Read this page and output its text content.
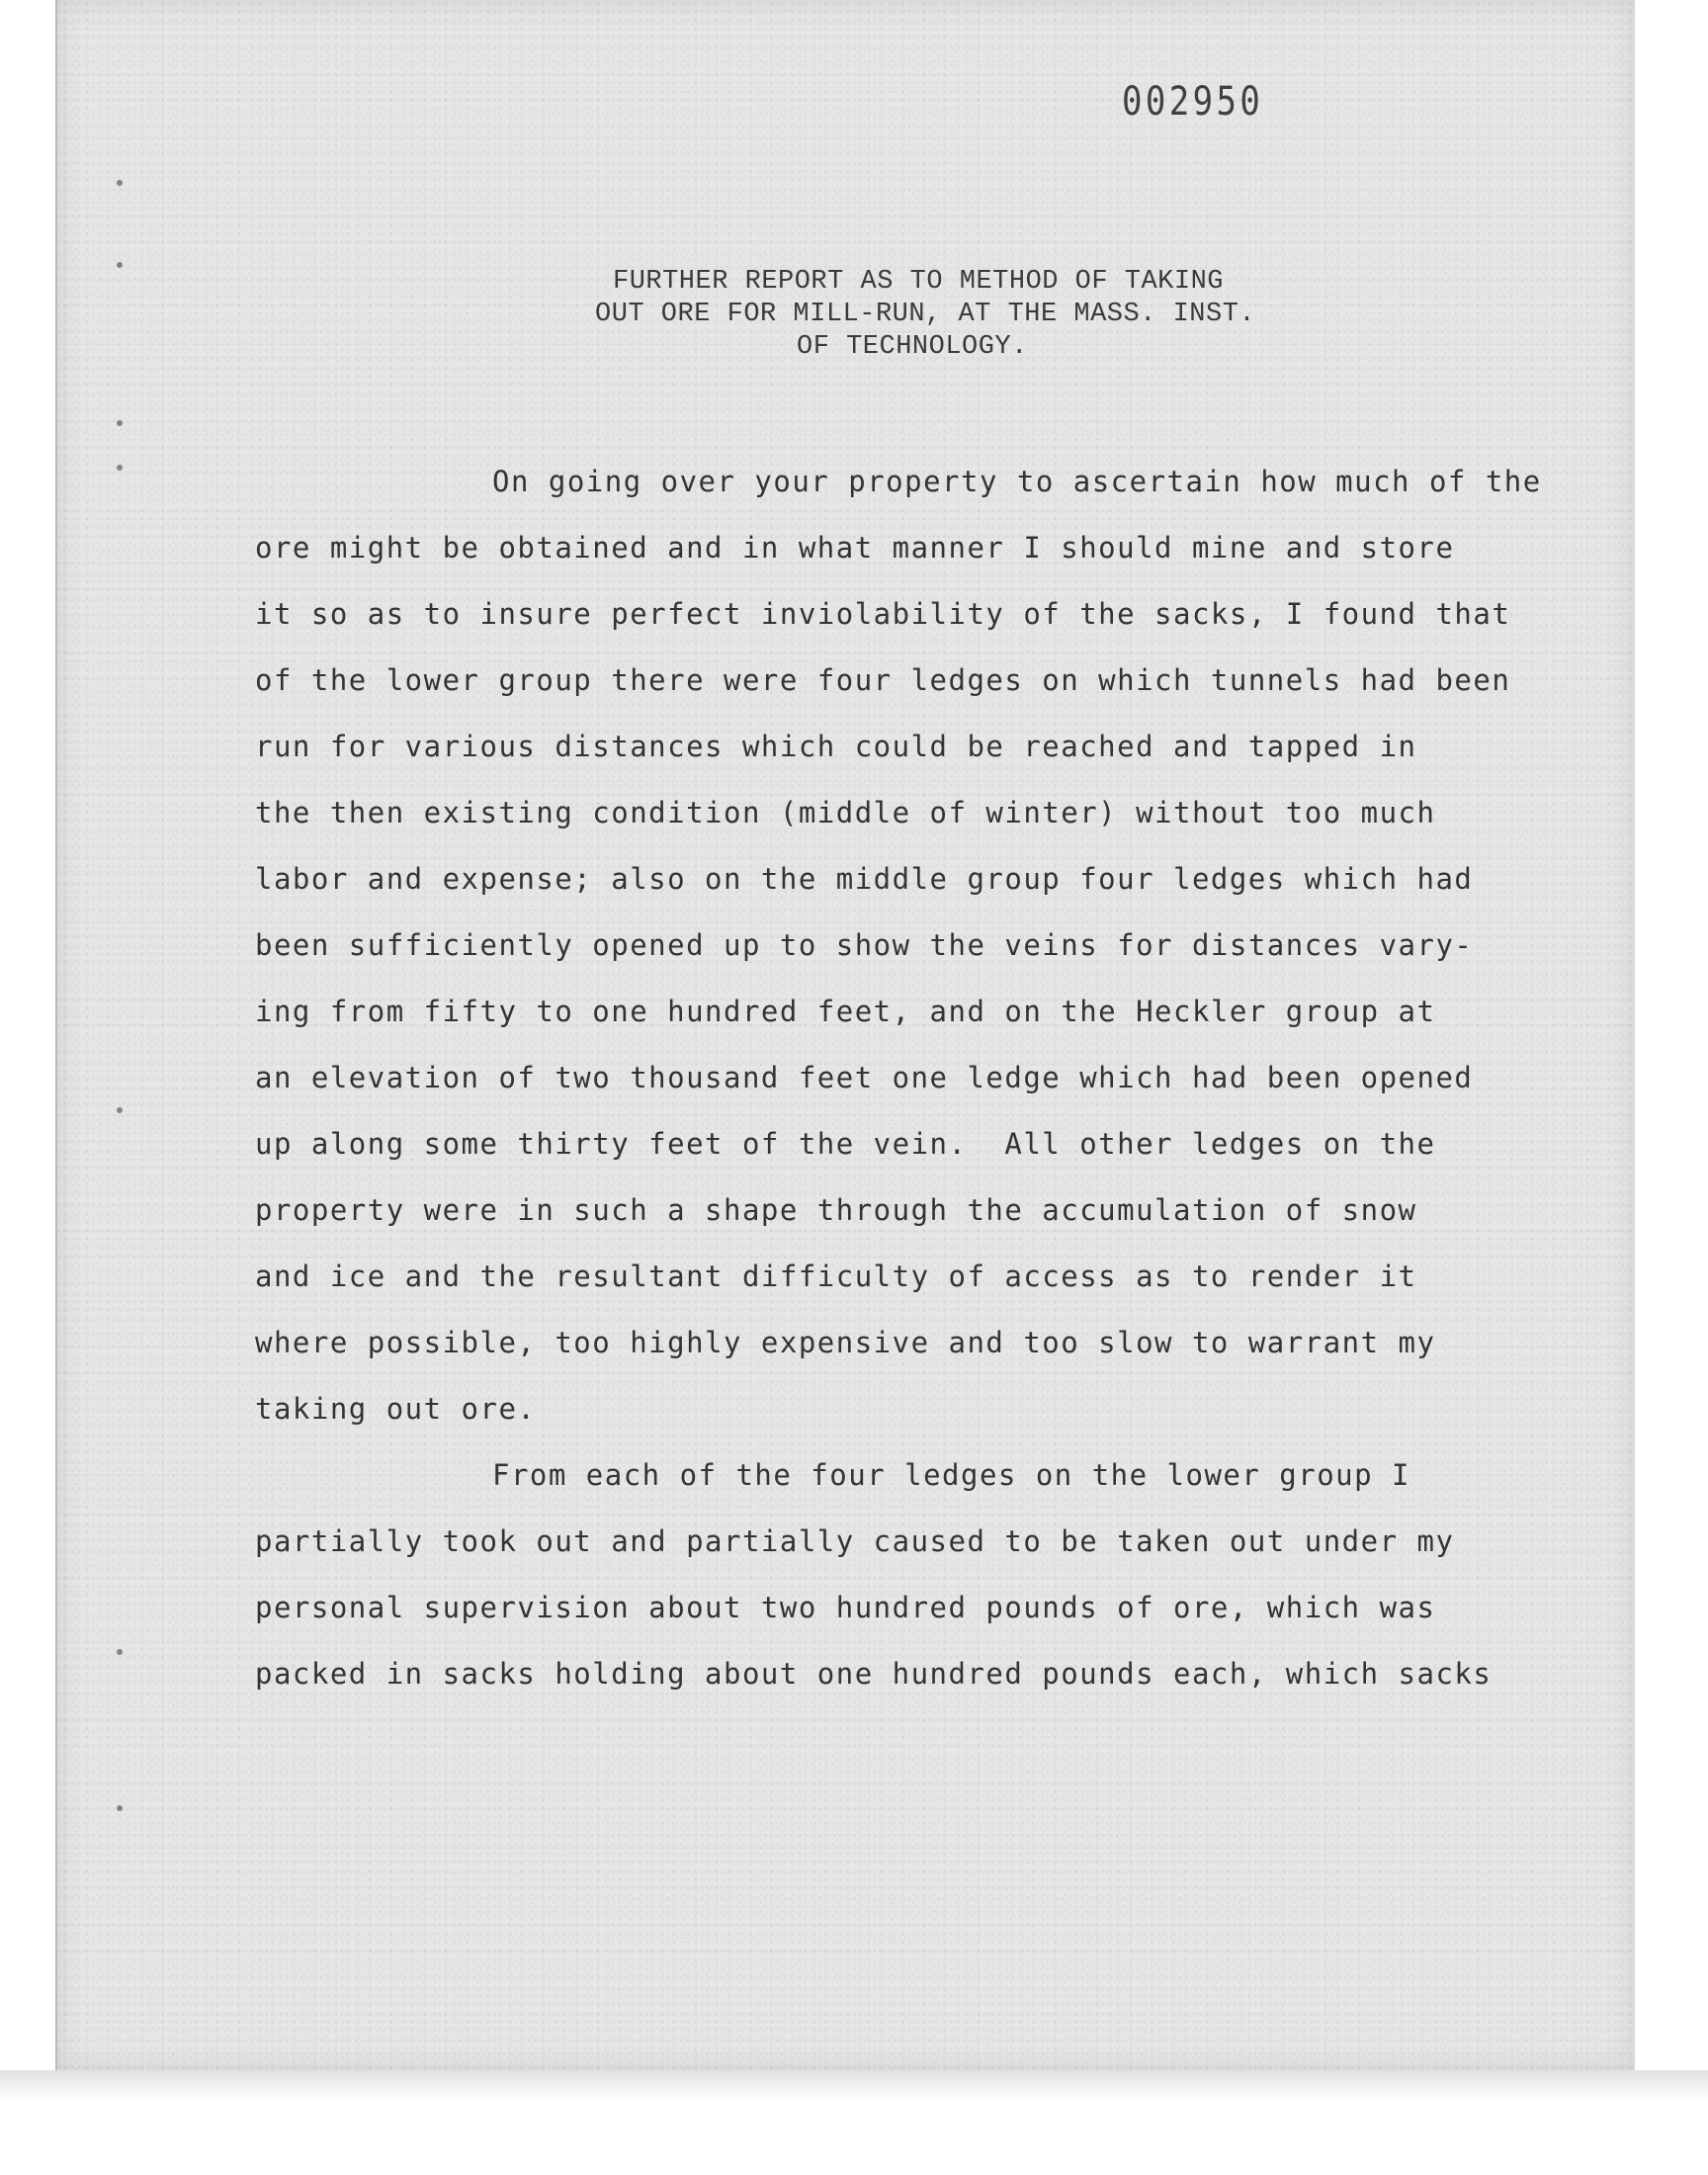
002950
FURTHER REPORT AS TO METHOD OF TAKING
OUT ORE FOR MILL-RUN, AT THE MASS. INST.
OF TECHNOLOGY.
On going over your property to ascertain how much of the
ore might be obtained and in what manner I should mine and store
it so as to insure perfect inviolability of the sacks, I found that
of the lower group there were four ledges on which tunnels had been
run for various distances which could be reached and tapped in
the then existing condition (middle of winter) without too much
labor and expense; also on the middle group four ledges which had
been sufficiently opened up to show the veins for distances vary-
ing from fifty to one hundred feet, and on the Heckler group at
an elevation of two thousand feet one ledge which had been opened
up along some thirty feet of the vein.  All other ledges on the
property were in such a shape through the accumulation of snow
and ice and the resultant difficulty of access as to render it
where possible, too highly expensive and too slow to warrant my
taking out ore.
From each of the four ledges on the lower group I
partially took out and partially caused to be taken out under my
personal supervision about two hundred pounds of ore, which was
packed in sacks holding about one hundred pounds each, which sacks
